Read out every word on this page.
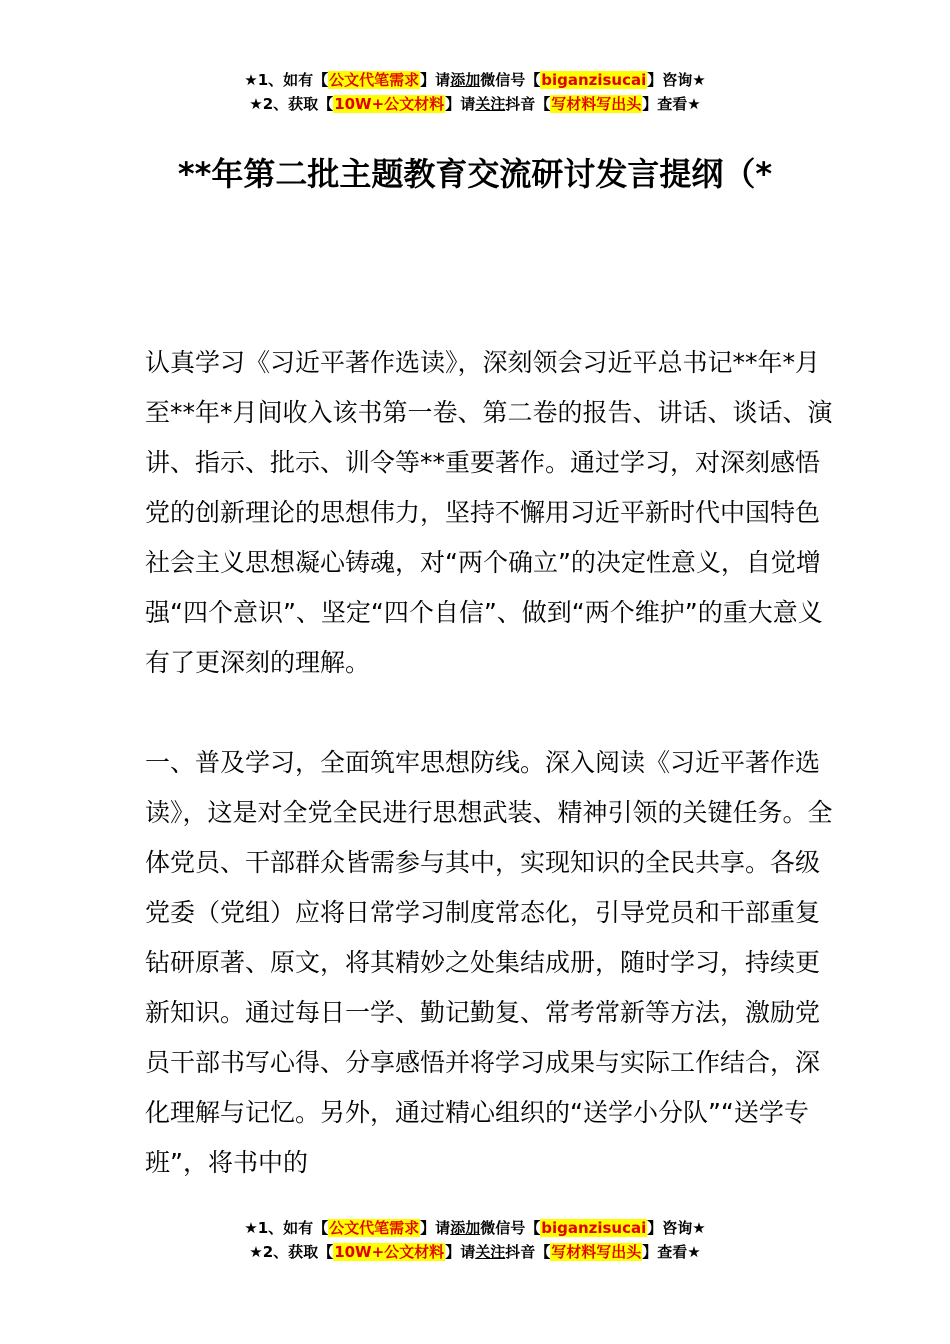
★1、如有【公文代笔需求】请添加微信号【biganzisucai】咨询★
★2、获取【10W+公文材料】请关注抖音【写材料写出头】查看★
**年第二批主题教育交流研讨发言提纲（*
认真学习《习近平著作选读》，深刻领会习近平总书记**年*月至**年*月间收入该书第一卷、第二卷的报告、讲话、谈话、演讲、指示、批示、训令等**重要著作。通过学习，对深刻感悟党的创新理论的思想伟力，坚持不懈用习近平新时代中国特色社会主义思想凝心铸魂，对“两个确立”的决定性意义，自觉增强“四个意识”、坚定“四个自信”、做到“两个维护”的重大意义有了更深刻的理解。
一、普及学习，全面筑牢思想防线。深入阅读《习近平著作选读》，这是对全党全民进行思想武装、精神引领的关键任务。全体党员、干部群众皆需参与其中，实现知识的全民共享。各级党委（党组）应将日常学习制度常态化，引导党员和干部重复钻研原著、原文，将其精妙之处集结成册，随时学习，持续更新知识。通过每日一学、勤记勤复、常考常新等方法，激励党员干部书写心得、分享感悟并将学习成果与实际工作结合，深化理解与记忆。另外，通过精心组织的“送学小分队”“送学专班”，将书中的
★1、如有【公文代笔需求】请添加微信号【biganzisucai】咨询★
★2、获取【10W+公文材料】请关注抖音【写材料写出头】查看★
